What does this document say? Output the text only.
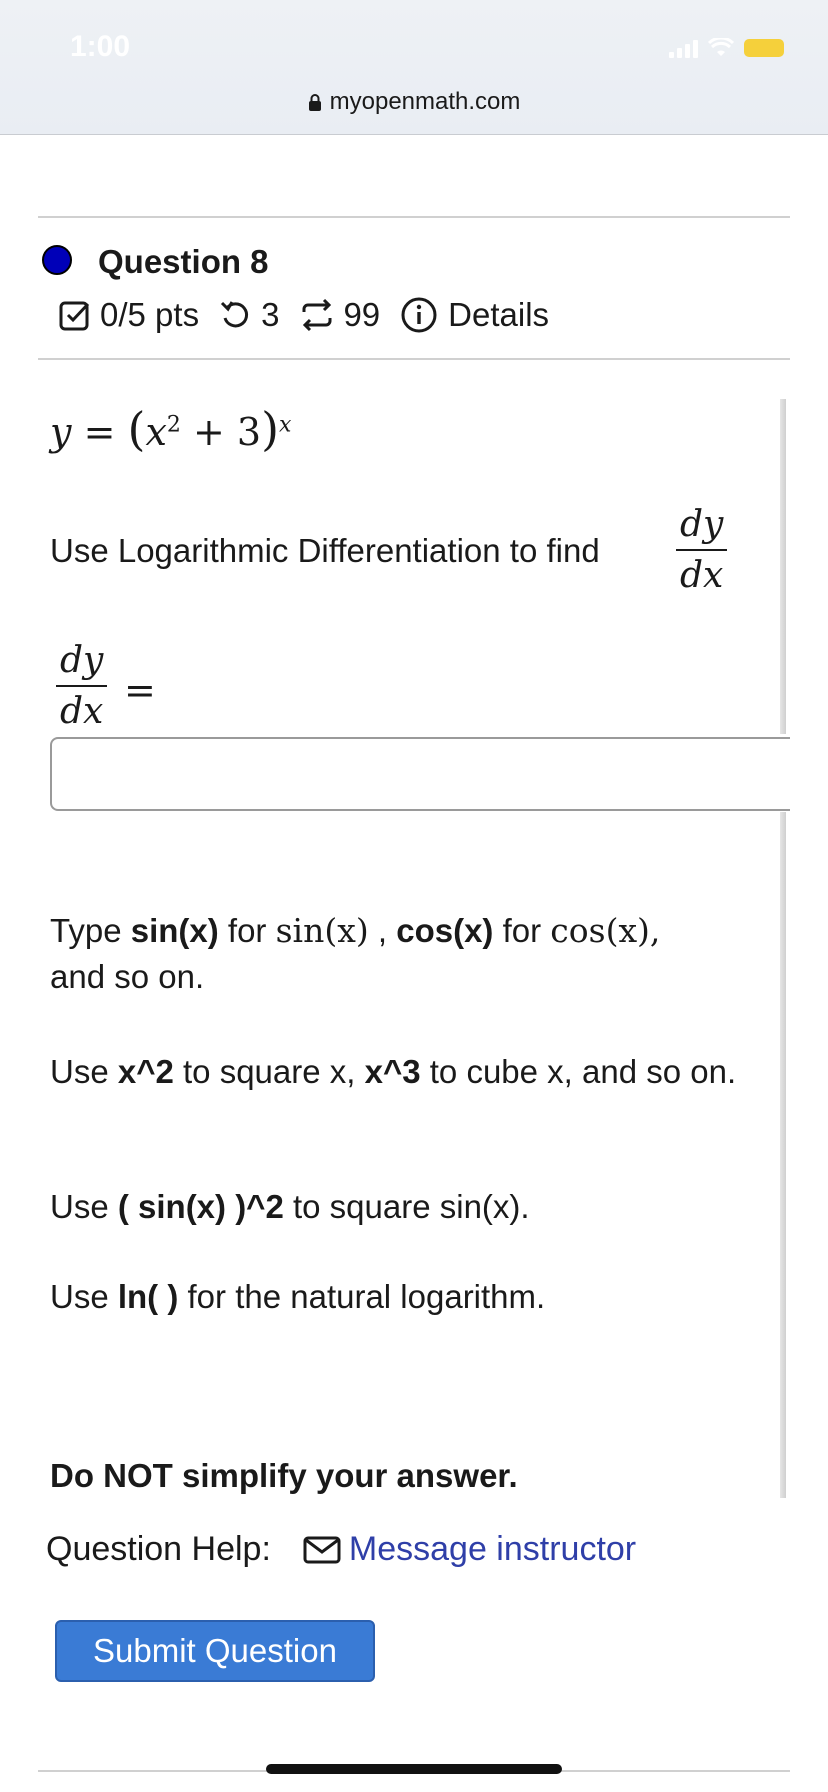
1:00
myopenmath.com
Question 8
0/5 pts 3 99 Details
$y = (x^2 + 3)^x$
Use Logarithmic Differentiation to find
dy
dx
dy
dx =
Type sin(x) for sin(x) , cos(x) for cos(x),
and so on.
Use x^2 to square x, x^3 to cube x, and so on.
Use ( sin(x) )^2 to square sin(x).
Use ln( ) for the natural logarithm.
Do NOT simplify your answer.
Question Help: Message instructor
Submit Question
